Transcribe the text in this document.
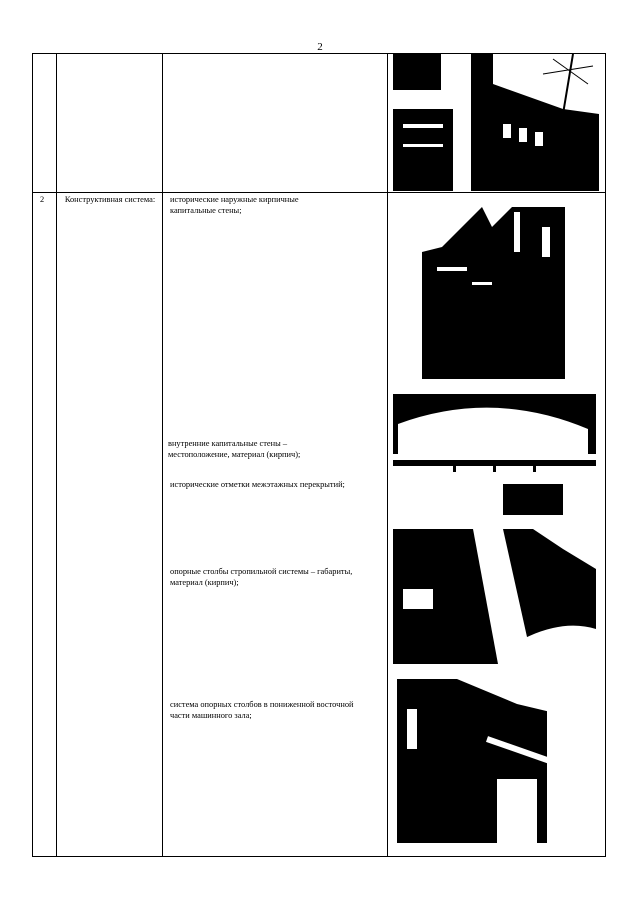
2
2 Конструктивная система: исторические наружные кирпичные капитальные стены;
внутренние капитальные стены – местоположение, материал (кирпич);
исторические отметки межэтажных перекрытий;
опорные столбы стропильной системы – габариты, материал (кирпич);
система опорных столбов в пониженной восточной части машинного зала;
